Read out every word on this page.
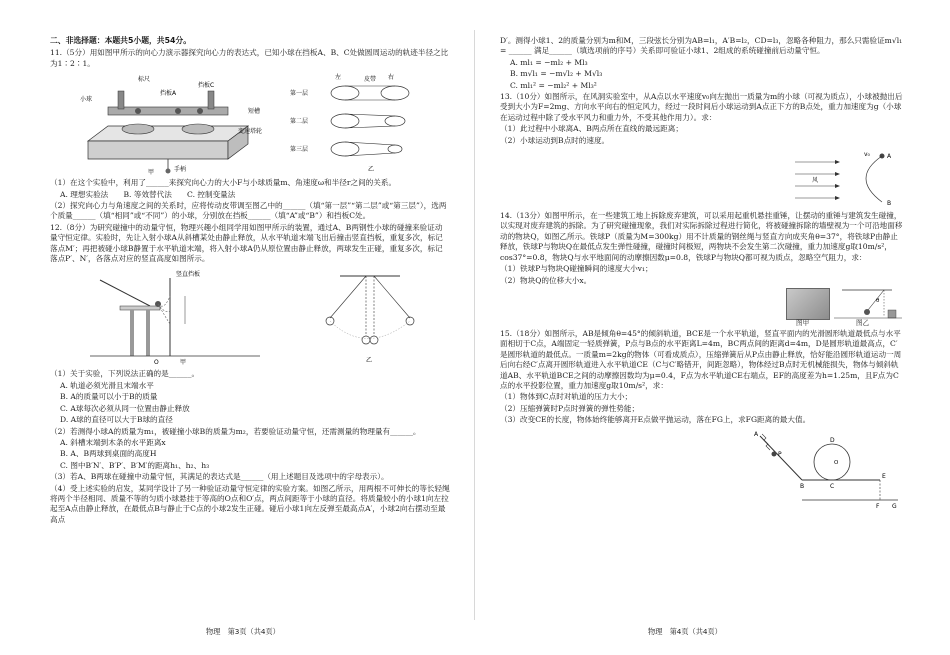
二、非选择题：本题共5小题，共54分。

11.（5分）用如图甲所示的向心力演示器探究向心力的表达式，已知小球在挡板A、B、C处做圆周运动的轨迹半径之比为1∶2∶1。

标尺
小球
挡板A
挡板C
短槽
变速塔轮
手柄
甲
左	右
第一层
第二层
第三层
皮带
乙

（1）在这个实验中，利用了______来探究向心力的大小F与小球质量m、角速度ω和半径r之间的关系。

A. 理想实验法　　B. 等效替代法　　C. 控制变量法

（2）探究向心力与角速度之间的关系时，应将传动皮带调至图乙中的______（填“第一层”“第二层”或“第三层”），选两个质量______（填“相同”或“不同”）的小球，分别放在挡板______（填“A”或“B”）和挡板C处。

12.（8分）为研究碰撞中的动量守恒，物理兴趣小组同学用如图甲所示的装置，通过A、B两钢性小球的碰撞来验证动量守恒定律。实验时，先让入射小球A从斜槽某处由静止释放，从水平轨道末端飞出后撞击竖直挡板，重复多次，标记落点M′；再把被碰小球B静置于水平轨道末端，将入射小球A仍从原位置由静止释放，两球发生正碰，重复多次，标记落点P′、N′，各落点对应的竖直高度如图所示。

竖直挡板
O	甲	乙

（1）关于实验，下列说法正确的是______。

A. 轨道必须光滑且末端水平

B. A的质量可以小于B的质量

C. A球每次必须从同一位置由静止释放

D. A球的直径可以大于B球的直径

（2）若测得小球A的质量为m₁，被碰撞小球B的质量为m₂，若要验证动量守恒，还需测量的物理量有______。

A. 斜槽末端到木条的水平距离x

B. A、B两球到桌面的高度H

C. 图中B′N′、B′P′、B′M′的距离h₁、h₂、h₃

（3）若A、B两球在碰撞中动量守恒，其满足的表达式是______（用上述题目及选项中的字母表示）。

（4）受上述实验的启发，某同学设计了另一种验证动量守恒定律的实验方案。如图乙所示，用两根不可伸长的等长轻绳将两个半径相同、质量不等的匀质小球悬挂于等高的O点和O′点，两点间距等于小球的直径。将质量较小的小球1向左拉起至A点由静止释放，在最低点B与静止于C点的小球2发生正碰。碰后小球1向左反弹至最高点A′，小球2向右摆动至最高点

D′。测得小球1、2的质量分别为m和M，三段弦长分别为AB=l₁，A′B=l₂，CD=l₃，忽略各种阻力，那么只需验证m√l₁ = ______ 满足______（填选项前的序号）关系即可验证小球1、2组成的系统碰撞前后动量守恒。

A. ml₁ = −ml₂ + Ml₃

B. m√l₁ = −m√l₂ + M√l₃

C. ml₁² = −ml₂² + Ml₃²

13.（10分）如图所示，在风洞实验室中，从A点以水平速度v₀向左抛出一质量为m的小球（可视为质点），小球被抛出后受到大小为F=2mg、方向水平向右的恒定风力，经过一段时间后小球运动到A点正下方的B点处，重力加速度为g（小球在运动过程中除了受水平风力和重力外，不受其他作用力）。求：

（1）此过程中小球离A、B两点所在直线的最远距离；

（2）小球运动到B点时的速度。

风
A
v₀
B

14.（13分）如图甲所示，在一些建筑工地上拆除废弃建筑，可以采用起重机悬挂重锤，让摆动的重锤与建筑发生碰撞，以实现对废弃建筑的拆除。为了研究碰撞现象，我们对实际拆除过程进行简化，将被碰撞拆除的墙壁视为一个可沿地面移动的物块Q，如图乙所示。铁球P（质量为M=300kg）用不计质量的钢丝绳与竖直方向成夹角θ=37°，将铁球P由静止释放，铁球P与物块Q在最低点发生弹性碰撞，碰撞时间极短，两物块不会发生第二次碰撞，重力加速度g取10m/s²，cos37°=0.8，物块Q与水平地面间的动摩擦因数μ=0.8，铁球P与物块Q都可视为质点，忽略空气阻力，求：

（1）铁球P与物块Q碰撞瞬间的速度大小v₁；

（2）物块Q的位移大小x。

θ
图甲	图乙

15.（18分）如图所示，AB是倾角θ=45°的倾斜轨道，BCE是一个水平轨道，竖直平面内的光滑圆形轨道最低点与水平面相切于C点，A端固定一轻质弹簧，P点与B点的水平距离L=4m，BC两点间的距离d=4m，D是圆形轨道最高点，C′是圆形轨道的最低点。一质量m=2kg的物体（可看成质点），压缩弹簧后从P点由静止释放，恰好能沿圆形轨道运动一周后向右经C′点离开圆形轨道进入水平轨道CE（C与C′略错开，间距忽略），物体经过B点时无机械能损失，物体与倾斜轨道AB、水平轨道BCE之间的动摩擦因数均为μ=0.4，F点为水平轨道CE右端点，EF的高度差为h=1.25m，且F点为C点的水平投影位置，重力加速度g取10m/s²，求：

（1）物体到C点时对轨道的压力大小；

（2）压缩弹簧时P点时弹簧的弹性势能；

（3）改变CE的长度，物体始终能够离开E点做平抛运动，落在FG上，求FG距离的最大值。

A
P
B	C
D
E
F G
O
物理　第3页（共4页）	物理　第4页（共4页）
